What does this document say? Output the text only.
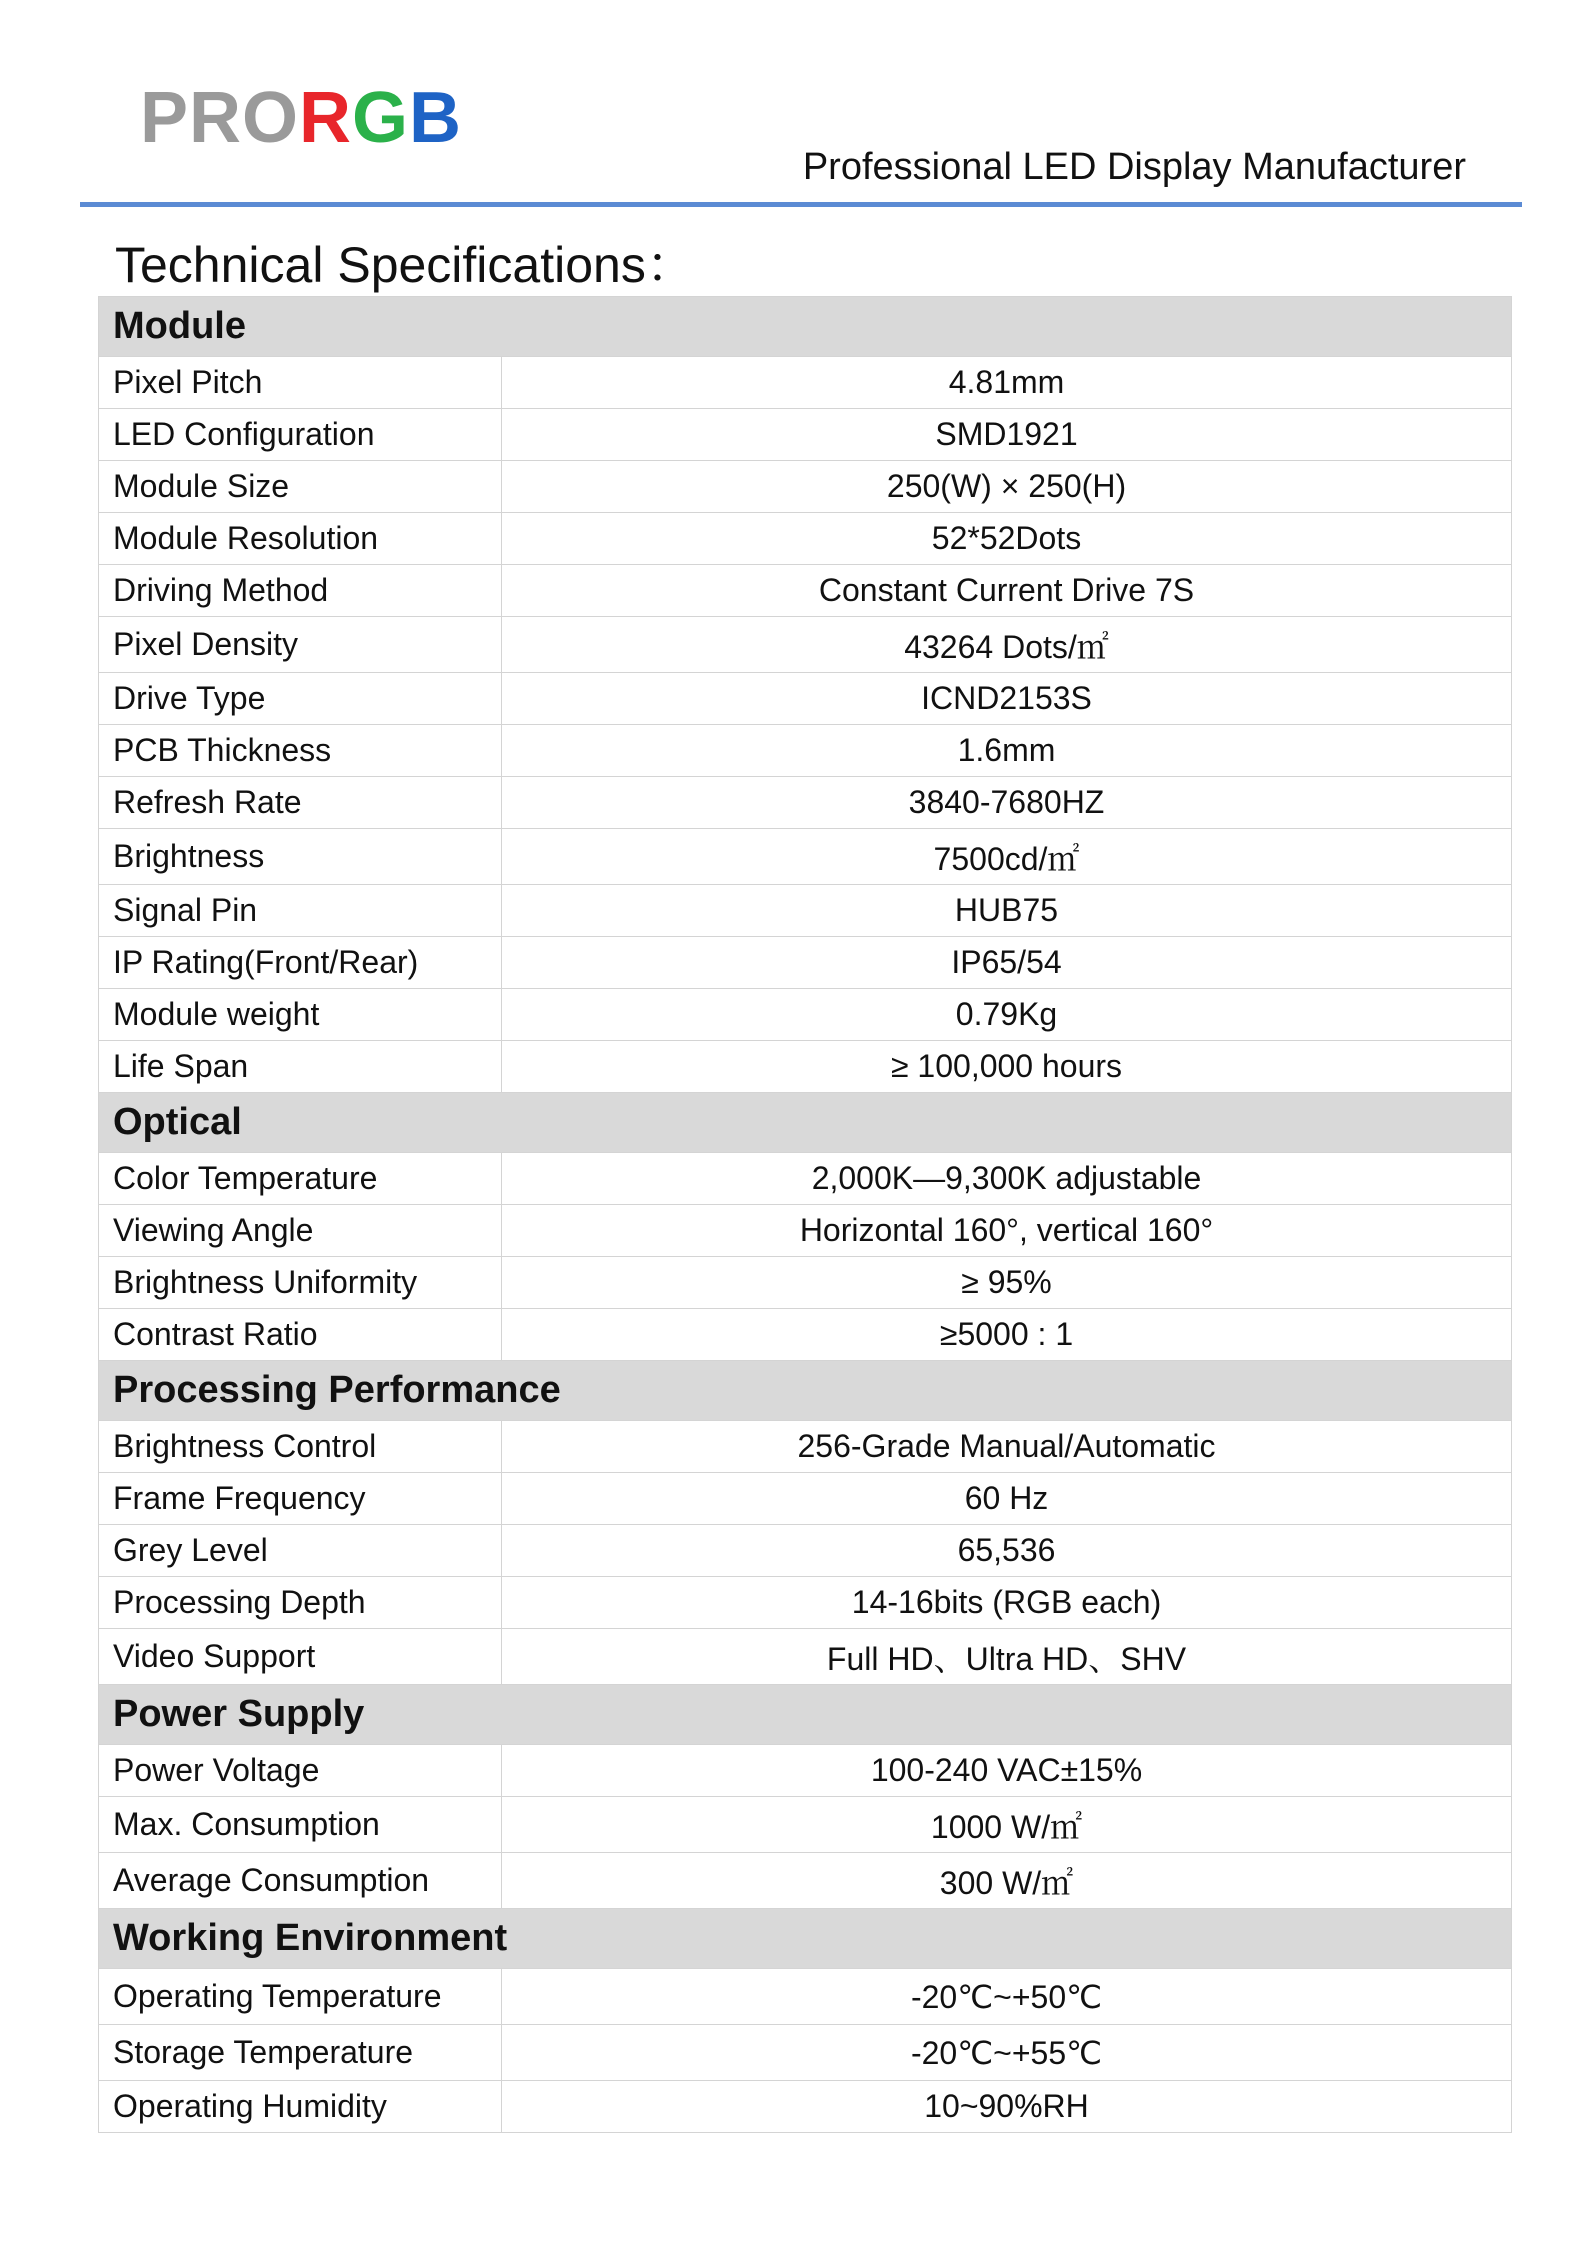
PRORGB
Professional LED Display Manufacturer
Technical Specifications：
Module	
Pixel Pitch	4.81mm
LED Configuration	SMD1921
Module Size	250(W) × 250(H)
Module Resolution	52*52Dots
Driving Method	Constant Current Drive 7S
Pixel Density	43264 Dots/㎡
Drive Type	ICND2153S
PCB Thickness	1.6mm
Refresh Rate	3840-7680HZ
Brightness	7500cd/㎡
Signal Pin	HUB75
IP Rating(Front/Rear)	IP65/54
Module weight	0.79Kg
Life Span	≥ 100,000 hours
Optical	
Color Temperature	2,000K—9,300K adjustable
Viewing Angle	Horizontal 160°, vertical 160°
Brightness Uniformity	≥ 95%
Contrast Ratio	≥5000 : 1
Processing Performance	
Brightness Control	256-Grade Manual/Automatic
Frame Frequency	60 Hz
Grey Level	65,536
Processing Depth	14-16bits (RGB each)
Video Support	Full HD、Ultra HD、SHV
Power Supply	
Power Voltage	100-240 VAC±15%
Max. Consumption	1000 W/㎡
Average Consumption	300 W/㎡
Working Environment	
Operating Temperature	-20℃~+50℃
Storage Temperature	-20℃~+55℃
Operating Humidity	10~90%RH
